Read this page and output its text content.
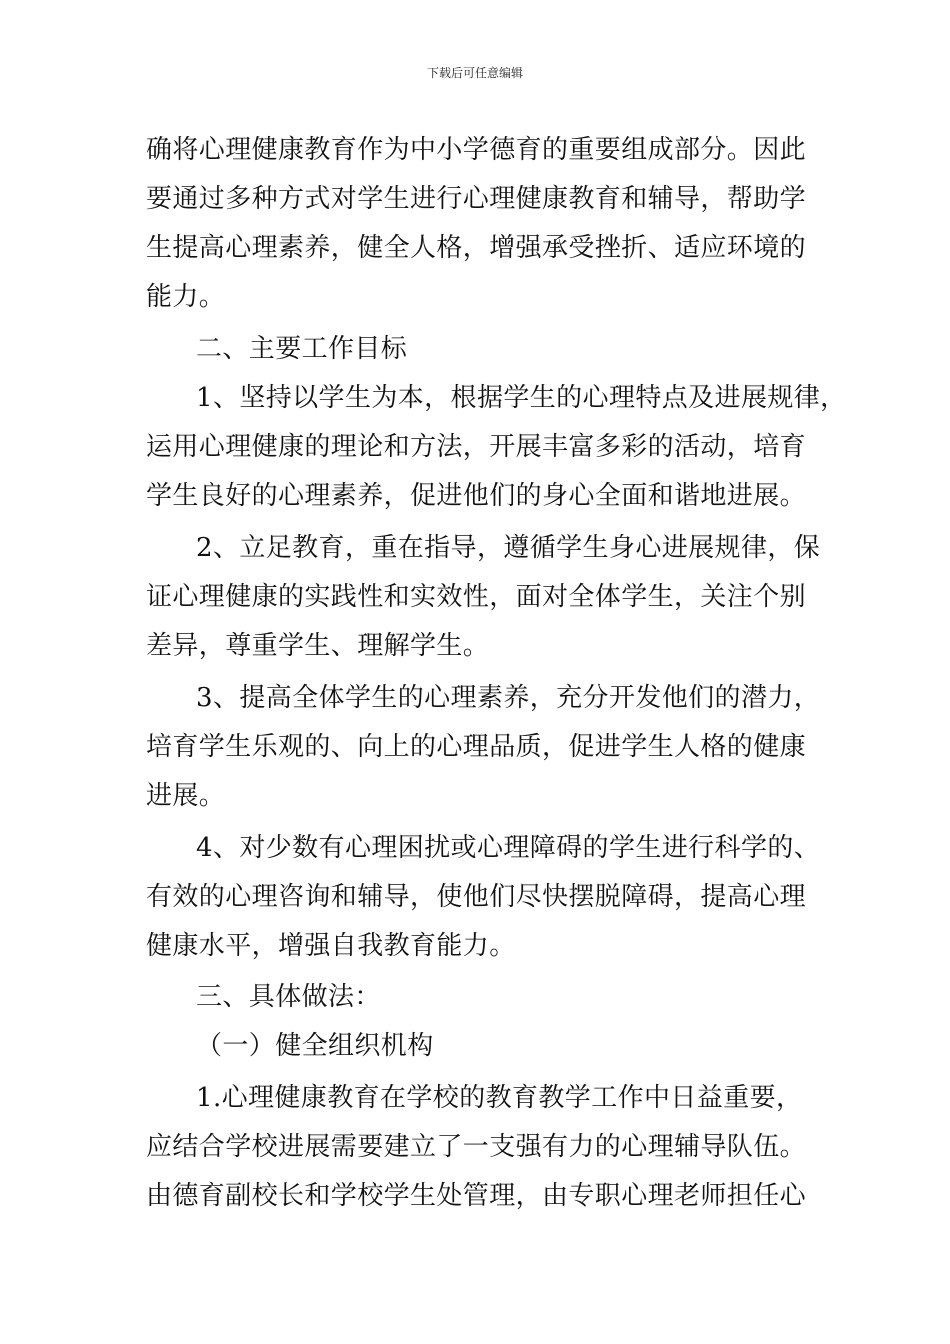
下载后可任意编辑
确将心理健康教育作为中小学德育的重要组成部分。因此
要通过多种方式对学生进行心理健康教育和辅导，帮助学
生提高心理素养，健全人格，增强承受挫折、适应环境的
能力。
二、主要工作目标
1、坚持以学生为本，根据学生的心理特点及进展规律，
运用心理健康的理论和方法，开展丰富多彩的活动，培育
学生良好的心理素养，促进他们的身心全面和谐地进展。
2、立足教育，重在指导，遵循学生身心进展规律，保
证心理健康的实践性和实效性，面对全体学生，关注个别
差异，尊重学生、理解学生。
3、提高全体学生的心理素养，充分开发他们的潜力，
培育学生乐观的、向上的心理品质，促进学生人格的健康
进展。
4、对少数有心理困扰或心理障碍的学生进行科学的、
有效的心理咨询和辅导，使他们尽快摆脱障碍，提高心理
健康水平，增强自我教育能力。
三、具体做法：
（一）健全组织机构
1.心理健康教育在学校的教育教学工作中日益重要，
应结合学校进展需要建立了一支强有力的心理辅导队伍。
由德育副校长和学校学生处管理，由专职心理老师担任心
